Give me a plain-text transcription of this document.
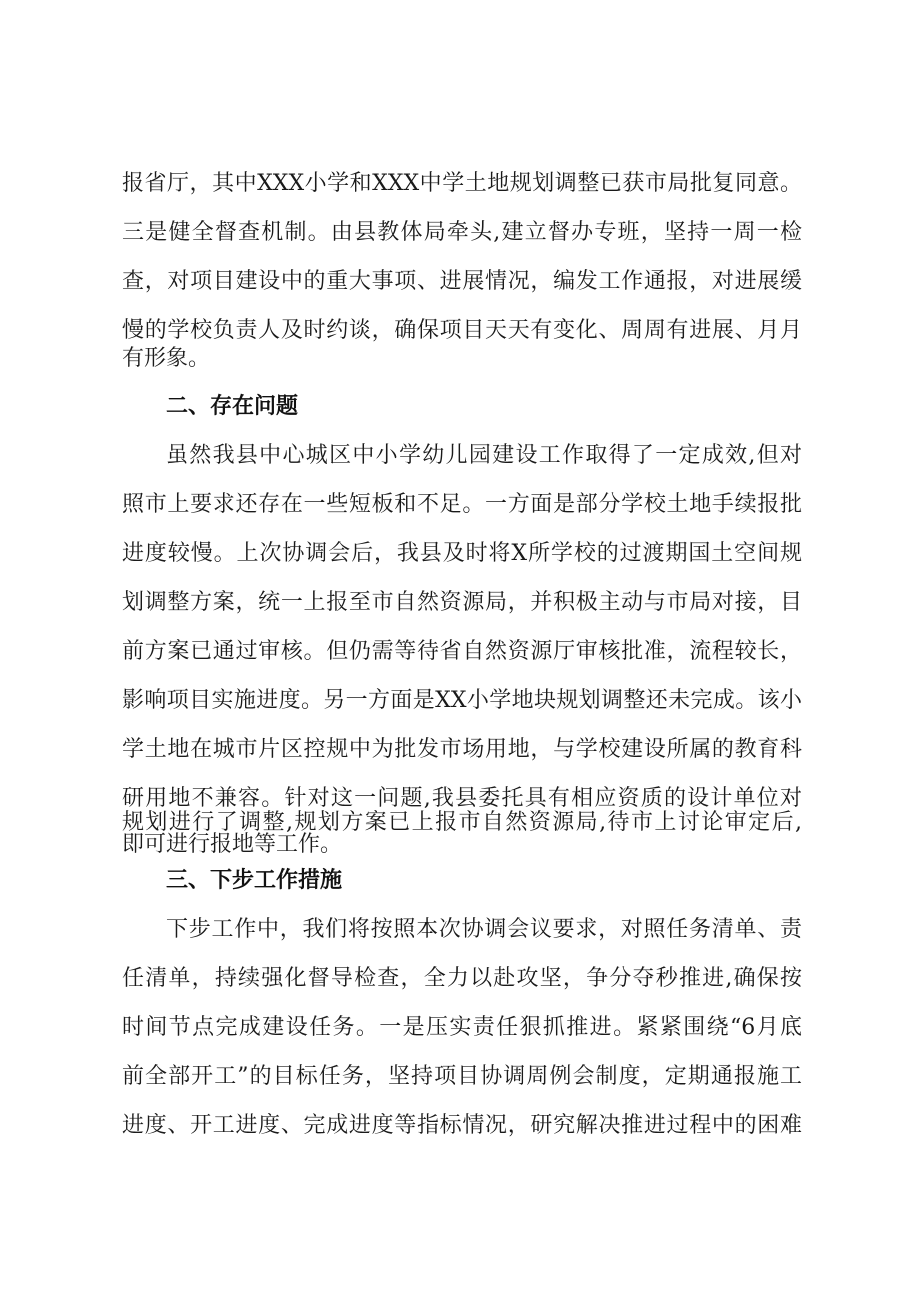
报省厅，其中XXX小学和XXX中学土地规划调整已获市局批复同意。

三是健全督查机制。由县教体局牵头,建立督办专班，坚持一周一检

查，对项目建设中的重大事项、进展情况，编发工作通报，对进展缓

慢的学校负责人及时约谈，确保项目天天有变化、周周有进展、月月

有形象。

二、存在问题

虽然我县中心城区中小学幼儿园建设工作取得了一定成效,但对

照市上要求还存在一些短板和不足。一方面是部分学校土地手续报批

进度较慢。上次协调会后，我县及时将X所学校的过渡期国土空间规

划调整方案，统一上报至市自然资源局，并积极主动与市局对接，目

前方案已通过审核。但仍需等待省自然资源厅审核批准，流程较长，

影响项目实施进度。另一方面是XX小学地块规划调整还未完成。该小

学土地在城市片区控规中为批发市场用地，与学校建设所属的教育科

研用地不兼容。针对这一问题,我县委托具有相应资质的设计单位对

规划进行了调整,规划方案已上报市自然资源局,待市上讨论审定后,

即可进行报地等工作。

三、下步工作措施

下步工作中，我们将按照本次协调会议要求，对照任务清单、责

任清单，持续强化督导检查，全力以赴攻坚，争分夺秒推进,确保按

时间节点完成建设任务。一是压实责任狠抓推进。紧紧围绕“6月底

前全部开工”的目标任务，坚持项目协调周例会制度，定期通报施工

进度、开工进度、完成进度等指标情况，研究解决推进过程中的困难
